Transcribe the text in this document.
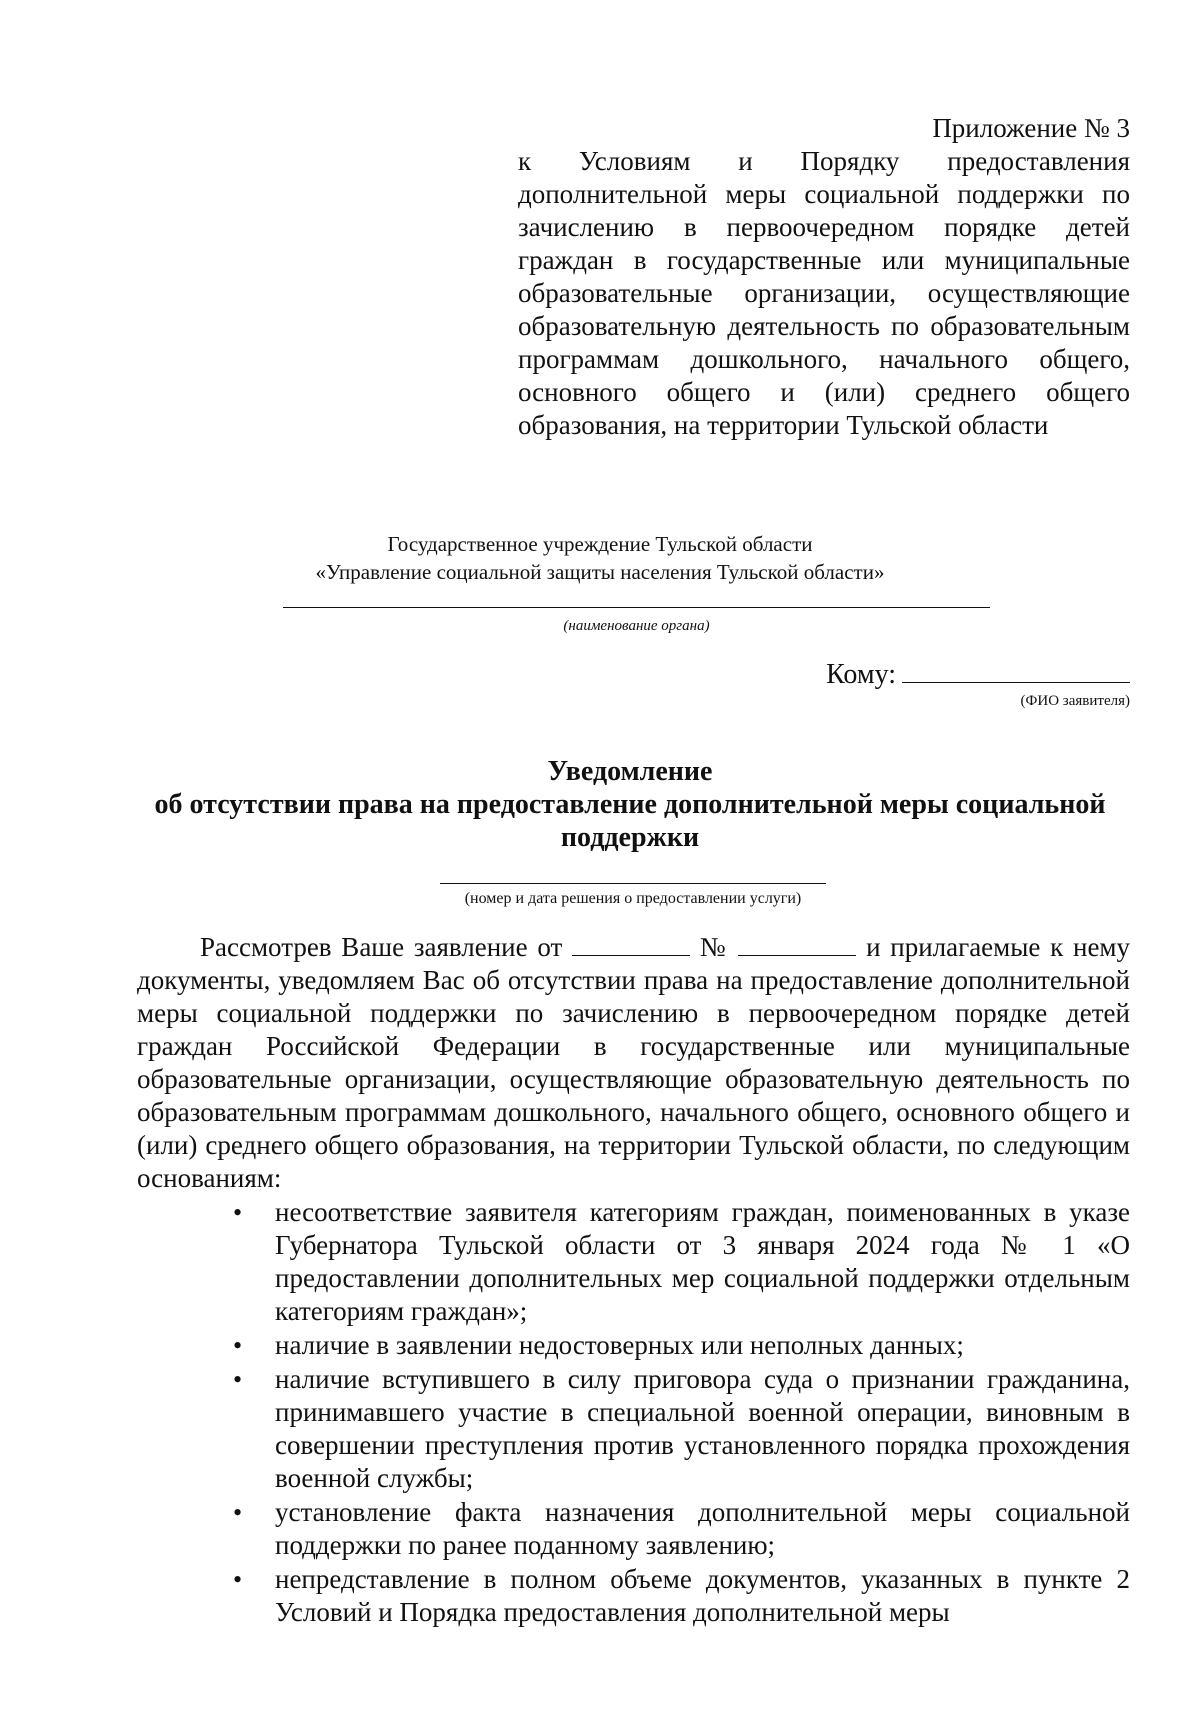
Приложение № 3
к Условиям и Порядку предоставления дополнительной меры социальной поддержки по зачислению в первоочередном порядке детей граждан в государственные или муниципальные образовательные организации, осуществляющие образовательную деятельность по образовательным программам дошкольного, начального общего, основного общего и (или) среднего общего образования, на территории Тульской области
Государственное учреждение Тульской области
«Управление социальной защиты населения Тульской области»
(наименование органа)
Кому:
(ФИО заявителя)
Уведомление
об отсутствии права на предоставление дополнительной меры социальной
поддержки
(номер и дата решения о предоставлении услуги)
Рассмотрев Ваше заявление от	№	и прилагаемые к нему документы, уведомляем Вас об отсутствии права на предоставление дополнительной меры социальной поддержки по зачислению в первоочередном порядке детей граждан Российской Федерации в государственные или муниципальные образовательные организации, осуществляющие образовательную деятельность по образовательным программам дошкольного, начального общего, основного общего и (или) среднего общего образования, на территории Тульской области, по следующим основаниям:
• несоответствие заявителя категориям граждан, поименованных в указе Губернатора Тульской области от 3 января 2024 года № 1 «О предоставлении дополнительных мер социальной поддержки отдельным категориям граждан»;
• наличие в заявлении недостоверных или неполных данных;
• наличие вступившего в силу приговора суда о признании гражданина, принимавшего участие в специальной военной операции, виновным в совершении преступления против установленного порядка прохождения военной службы;
• установление факта назначения дополнительной меры социальной поддержки по ранее поданному заявлению;
• непредставление в полном объеме документов, указанных в пункте 2 Условий и Порядка предоставления дополнительной меры
